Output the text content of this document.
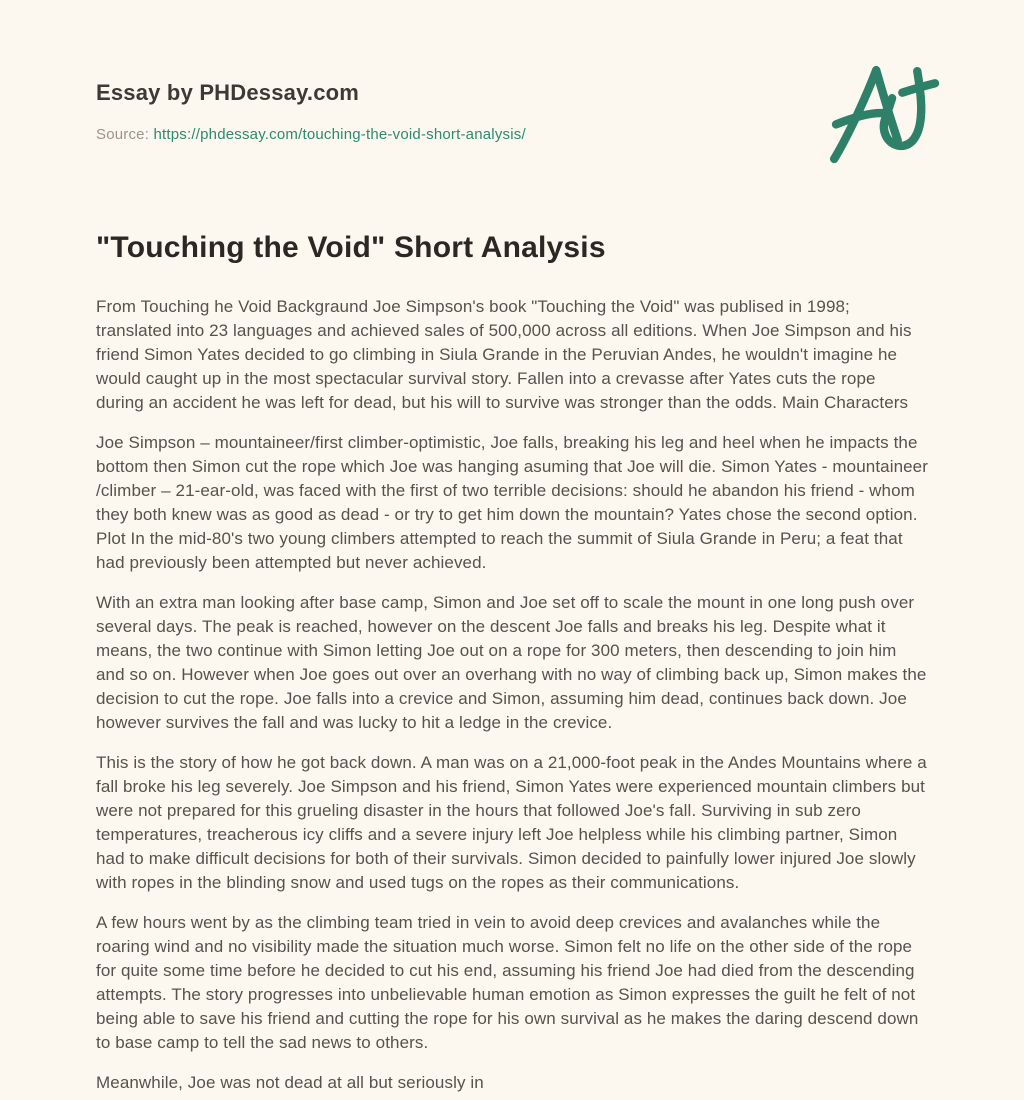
Essay by PHDessay.com

Source: https://phdessay.com/touching-the-void-short-analysis/

"Touching the Void" Short Analysis

From Touching he Void Backgraund Joe Simpson's book "Touching the Void" was publised in 1998; translated into 23 languages and achieved sales of 500,000 across all editions. When Joe Simpson and his friend Simon Yates decided to go climbing in Siula Grande in the Peruvian Andes, he wouldn't imagine he would caught up in the most spectacular survival story. Fallen into a crevasse after Yates cuts the rope during an accident he was left for dead, but his will to survive was stronger than the odds. Main Characters

Joe Simpson – mountaineer/first climber-optimistic, Joe falls, breaking his leg and heel when he impacts the bottom then Simon cut the rope which Joe was hanging asuming that Joe will die. Simon Yates - mountaineer /climber – 21-ear-old, was faced with the first of two terrible decisions: should he abandon his friend - whom they both knew was as good as dead - or try to get him down the mountain? Yates chose the second option. Plot In the mid-80's two young climbers attempted to reach the summit of Siula Grande in Peru; a feat that had previously been attempted but never achieved.

With an extra man looking after base camp, Simon and Joe set off to scale the mount in one long push over several days. The peak is reached, however on the descent Joe falls and breaks his leg. Despite what it means, the two continue with Simon letting Joe out on a rope for 300 meters, then descending to join him and so on. However when Joe goes out over an overhang with no way of climbing back up, Simon makes the decision to cut the rope. Joe falls into a crevice and Simon, assuming him dead, continues back down. Joe however survives the fall and was lucky to hit a ledge in the crevice.

This is the story of how he got back down. A man was on a 21,000-foot peak in the Andes Mountains where a fall broke his leg severely. Joe Simpson and his friend, Simon Yates were experienced mountain climbers but were not prepared for this grueling disaster in the hours that followed Joe's fall. Surviving in sub zero temperatures, treacherous icy cliffs and a severe injury left Joe helpless while his climbing partner, Simon had to make difficult decisions for both of their survivals. Simon decided to painfully lower injured Joe slowly with ropes in the blinding snow and used tugs on the ropes as their communications.

A few hours went by as the climbing team tried in vein to avoid deep crevices and avalanches while the roaring wind and no visibility made the situation much worse. Simon felt no life on the other side of the rope for quite some time before he decided to cut his end, assuming his friend Joe had died from the descending attempts. The story progresses into unbelievable human emotion as Simon expresses the guilt he felt of not being able to save his friend and cutting the rope for his own survival as he makes the daring descend down to base camp to tell the sad news to others.

Meanwhile, Joe was not dead at all but seriously in
